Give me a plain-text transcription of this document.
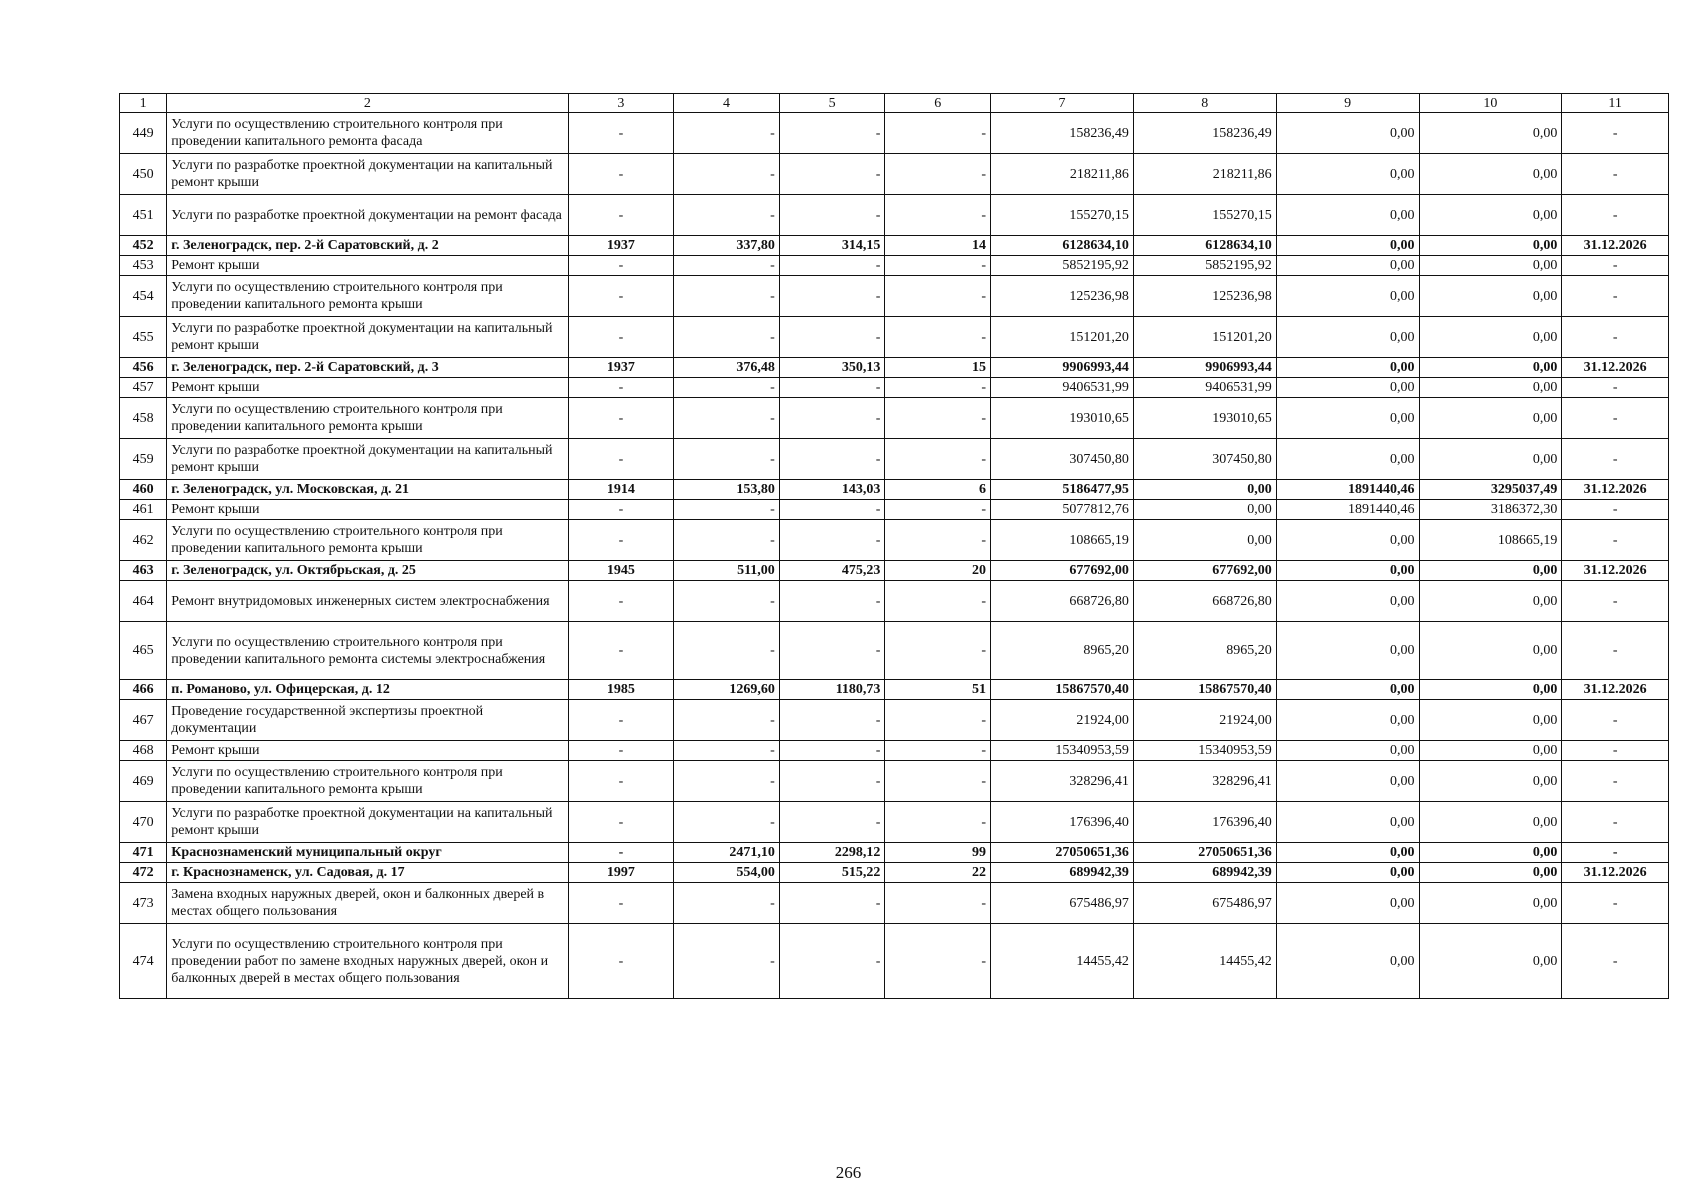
1	2	3	4	5	6	7	8	9	10	11
449	Услуги по осуществлению строительного контроля при проведении капитального ремонта фасада	-	-	-	-	158236,49	158236,49	0,00	0,00	-
450	Услуги по разработке проектной документации на капитальный ремонт крыши	-	-	-	-	218211,86	218211,86	0,00	0,00	-
451	Услуги по разработке проектной документации на ремонт фасада	-	-	-	-	155270,15	155270,15	0,00	0,00	-
452	г. Зеленоградск, пер. 2-й Саратовский, д. 2	1937	337,80	314,15	14	6128634,10	6128634,10	0,00	0,00	31.12.2026
453	Ремонт крыши	-	-	-	-	5852195,92	5852195,92	0,00	0,00	-
454	Услуги по осуществлению строительного контроля при проведении капитального ремонта крыши	-	-	-	-	125236,98	125236,98	0,00	0,00	-
455	Услуги по разработке проектной документации на капитальный ремонт крыши	-	-	-	-	151201,20	151201,20	0,00	0,00	-
456	г. Зеленоградск, пер. 2-й Саратовский, д. 3	1937	376,48	350,13	15	9906993,44	9906993,44	0,00	0,00	31.12.2026
457	Ремонт крыши	-	-	-	-	9406531,99	9406531,99	0,00	0,00	-
458	Услуги по осуществлению строительного контроля при проведении капитального ремонта крыши	-	-	-	-	193010,65	193010,65	0,00	0,00	-
459	Услуги по разработке проектной документации на капитальный ремонт крыши	-	-	-	-	307450,80	307450,80	0,00	0,00	-
460	г. Зеленоградск, ул. Московская, д. 21	1914	153,80	143,03	6	5186477,95	0,00	1891440,46	3295037,49	31.12.2026
461	Ремонт крыши	-	-	-	-	5077812,76	0,00	1891440,46	3186372,30	-
462	Услуги по осуществлению строительного контроля при проведении капитального ремонта крыши	-	-	-	-	108665,19	0,00	0,00	108665,19	-
463	г. Зеленоградск, ул. Октябрьская, д. 25	1945	511,00	475,23	20	677692,00	677692,00	0,00	0,00	31.12.2026
464	Ремонт внутридомовых инженерных систем электроснабжения	-	-	-	-	668726,80	668726,80	0,00	0,00	-
465	Услуги по осуществлению строительного контроля при проведении капитального ремонта системы электроснабжения	-	-	-	-	8965,20	8965,20	0,00	0,00	-
466	п. Романово, ул. Офицерская, д. 12	1985	1269,60	1180,73	51	15867570,40	15867570,40	0,00	0,00	31.12.2026
467	Проведение государственной экспертизы проектной документации	-	-	-	-	21924,00	21924,00	0,00	0,00	-
468	Ремонт крыши	-	-	-	-	15340953,59	15340953,59	0,00	0,00	-
469	Услуги по осуществлению строительного контроля при проведении капитального ремонта крыши	-	-	-	-	328296,41	328296,41	0,00	0,00	-
470	Услуги по разработке проектной документации на капитальный ремонт крыши	-	-	-	-	176396,40	176396,40	0,00	0,00	-
471	Краснознаменский муниципальный округ	-	2471,10	2298,12	99	27050651,36	27050651,36	0,00	0,00	-
472	г. Краснознаменск, ул. Садовая, д. 17	1997	554,00	515,22	22	689942,39	689942,39	0,00	0,00	31.12.2026
473	Замена входных наружных дверей, окон и балконных дверей в местах общего пользования	-	-	-	-	675486,97	675486,97	0,00	0,00	-
474	Услуги по осуществлению строительного контроля при проведении работ по замене входных наружных дверей, окон и балконных дверей в местах общего пользования	-	-	-	-	14455,42	14455,42	0,00	0,00	-
266
